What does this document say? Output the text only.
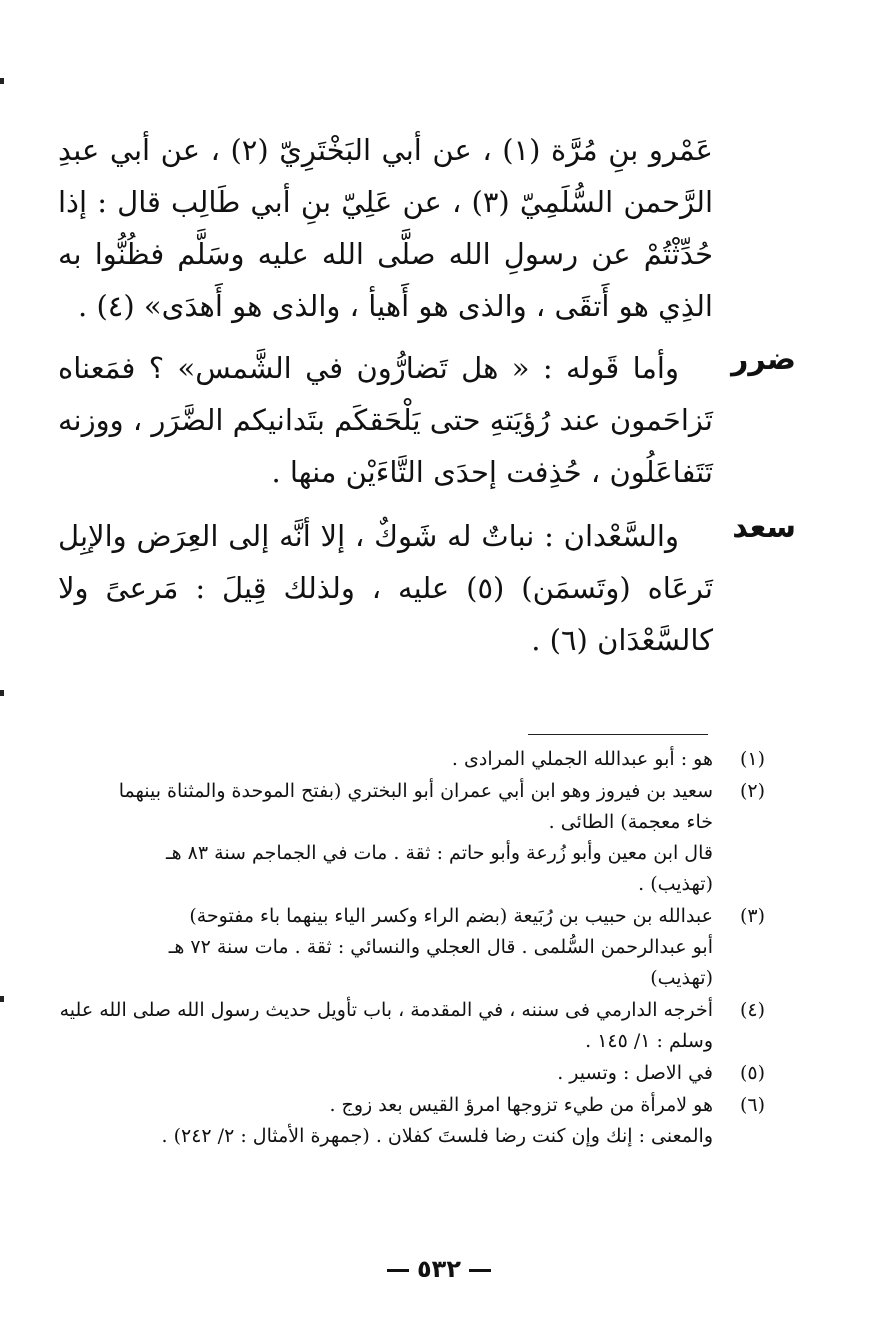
عَمْرو بنِ مُرَّة (١) ، عن أبي البَخْتَرِيّ (٢) ، عن أبي عبدِ الرَّحمن السُّلَمِيّ (٣) ، عن عَلِيّ بنِ أبي طَالِب قال : إذا حُدِّثْتُمْ عن رسولِ الله صلَّى الله عليه وسَلَّم فظُنُّوا به الذِي هو أَتقَى ، والذى هو أَهيأ ، والذى هو أَهدَى» (٤) .

ضرر

وأما قَوله : « هل تَضارُّون في الشَّمس» ؟ فمَعناه تَزاحَمون عند رُؤيَتهِ حتى يَلْحَقكَم بتَدانيكم الضَّرَر ، ووزنه تَتَفاعَلُون ، حُذِفت إحدَى التَّاءَيْن منها .

سعد

والسَّعْدان : نباتٌ له شَوكٌ ، إلا أنَّه إلى العِرَض والإبِل تَرعَاه (وتَسمَن) (٥) عليه ، ولذلك قِيلَ : مَرعىً ولا كالسَّعْدَان (٦) .

(١)
هو : أبو عبدالله الجملي المرادى .
(٢)
سعيد بن فيروز وهو ابن أبي عمران أبو البختري (بفتح الموحدة والمثناة بينهما
خاء معجمة) الطائى .
قال ابن معين وأبو زُرعة وأبو حاتم : ثقة . مات في الجماجم سنة ٨٣ هـ
(تهذيب) .
(٣)
عبدالله بن حبيب بن رُبَيعة (بضم الراء وكسر الياء بينهما باء مفتوحة)
أبو عبدالرحمن السُّلمى . قال العجلي والنسائي : ثقة . مات سنة ٧٢ هـ
(تهذيب)
(٤)
أخرجه الدارمي فى سننه ، في المقدمة ، باب تأويل حديث رسول الله صلى الله عليه
وسلم : ١/ ١٤٥ .
(٥)
في الاصل : وتسير .
(٦)
هو لامرأة من طيء تزوجها امرؤ القيس بعد زوج .
والمعنى : إنك وإن كنت رضا فلستَ كفلان . (جمهرة الأمثال : ٢/ ٢٤٢) .
٥٣٢
